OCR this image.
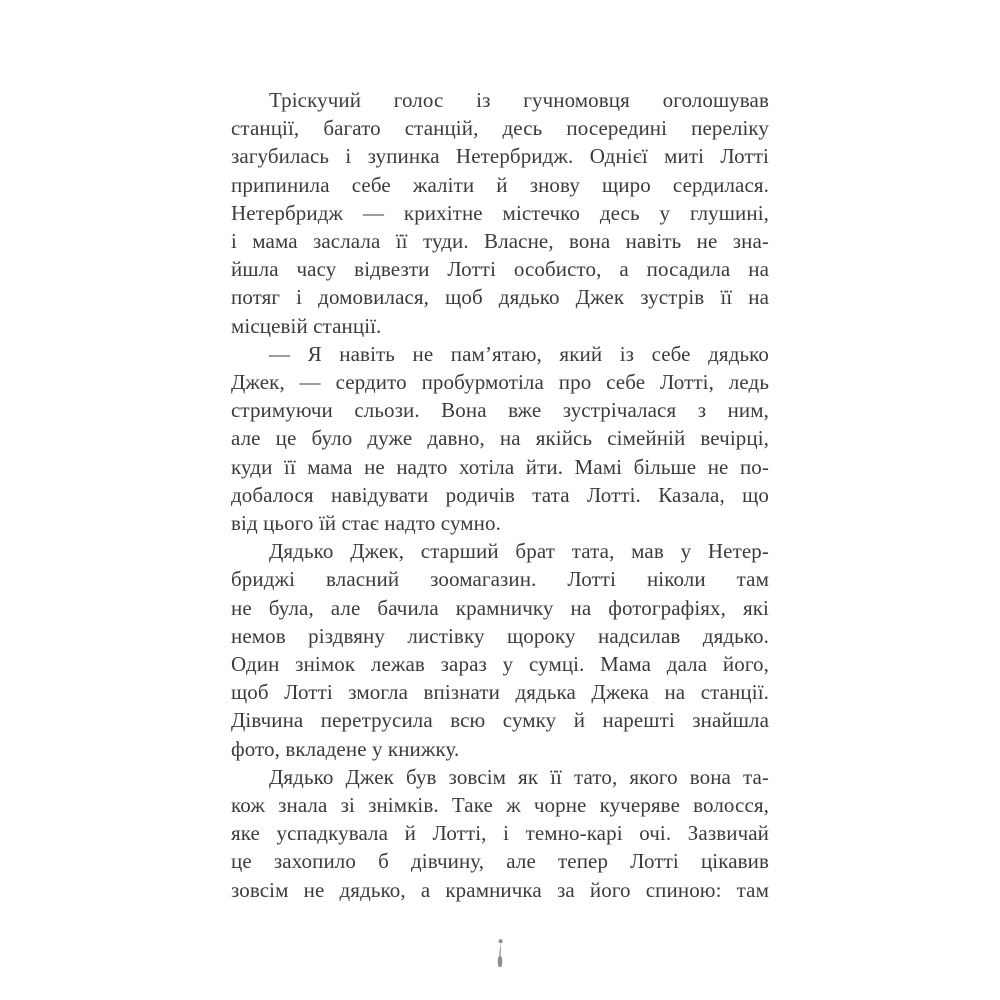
Тріскучий голос із гучномовця оголошував
станції, багато станцій, десь посередині переліку
загубилась і зупинка Нетербридж. Однієї миті Лотті
припинила себе жаліти й знову щиро сердилася.
Нетербридж — крихітне містечко десь у глушині,
і мама заслала її туди. Власне, вона навіть не зна-
йшла часу відвезти Лотті особисто, а посадила на
потяг і домовилася, щоб дядько Джек зустрів її на
місцевій станції.
— Я навіть не пам’ятаю, який із себе дядько
Джек, — сердито пробурмотіла про себе Лотті, ледь
стримуючи сльози. Вона вже зустрічалася з ним,
але це було дуже давно, на якійсь сімейній вечірці,
куди її мама не надто хотіла йти. Мамі більше не по-
добалося навідувати родичів тата Лотті. Казала, що
від цього їй стає надто сумно.
Дядько Джек, старший брат тата, мав у Нетер-
бриджі власний зоомагазин. Лотті ніколи там
не була, але бачила крамничку на фотографіях, які
немов різдвяну листівку щороку надсилав дядько.
Один знімок лежав зараз у сумці. Мама дала його,
щоб Лотті змогла впізнати дядька Джека на станції.
Дівчина перетрусила всю сумку й нарешті знайшла
фото, вкладене у книжку.
Дядько Джек був зовсім як її тато, якого вона та-
кож знала зі знімків. Таке ж чорне кучеряве волосся,
яке успадкувала й Лотті, і темно-карі очі. Зазвичай
це захопило б дівчину, але тепер Лотті цікавив
зовсім не дядько, а крамничка за його спиною: там
